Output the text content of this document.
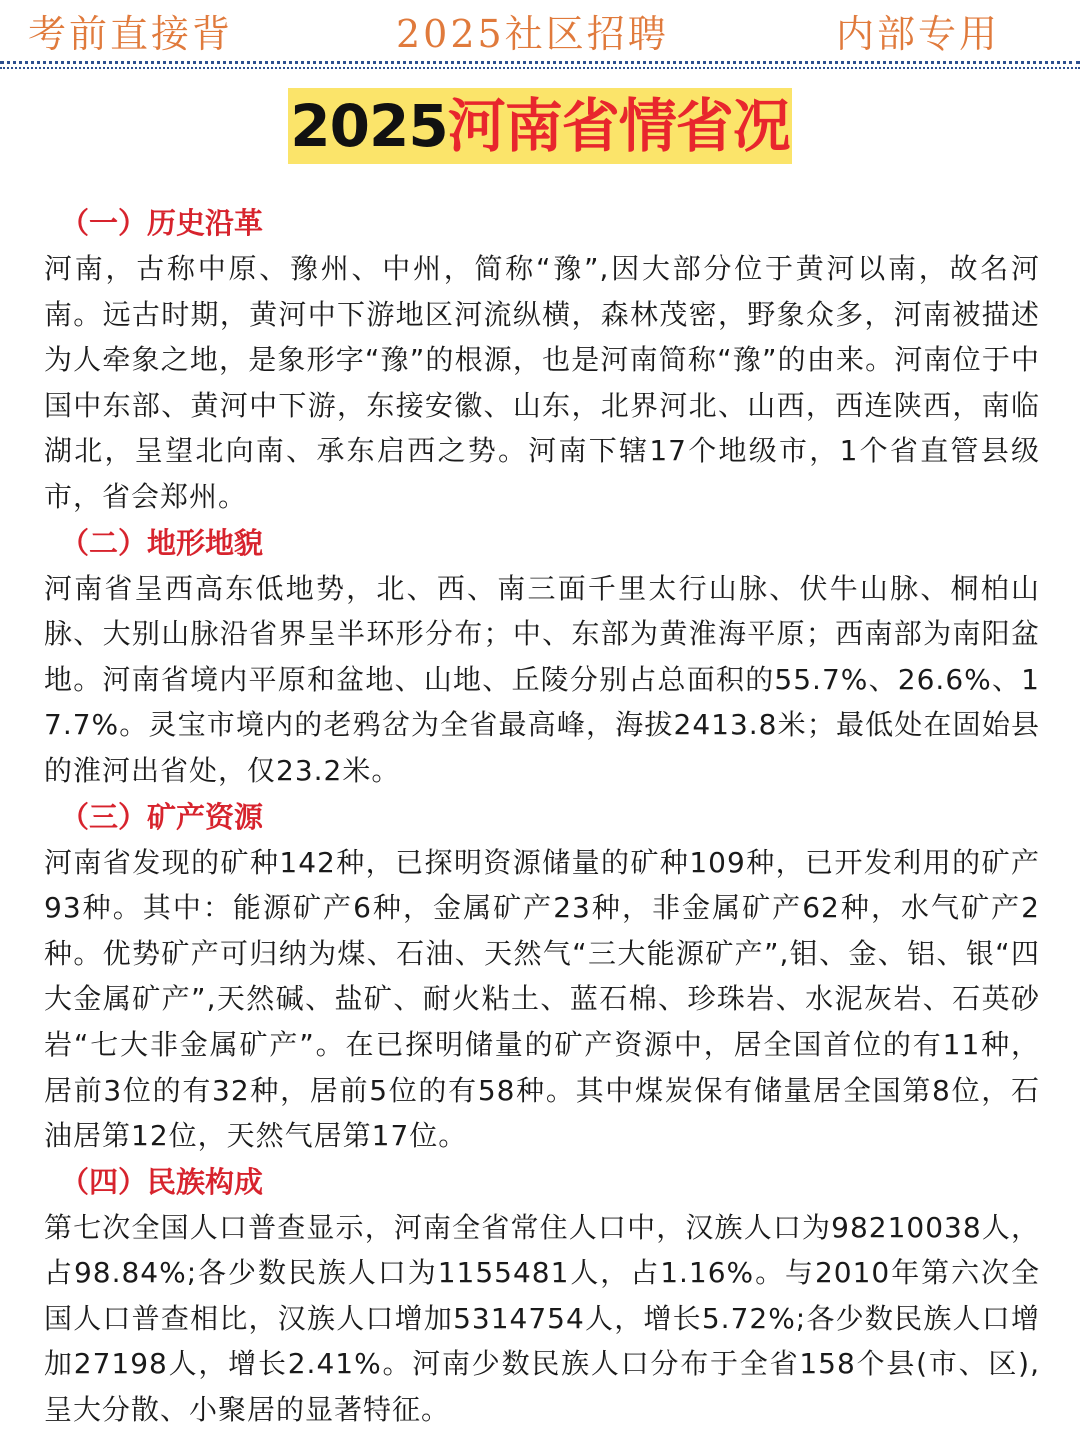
考前直接背	2025社区招聘	内部专用
2025河南省情省况
（一）历史沿革
河南，古称中原、豫州、中州，简称“豫”,因大部分位于黄河以南，故名河南。远古时期，黄河中下游地区河流纵横，森林茂密，野象众多，河南被描述为人牵象之地，是象形字“豫”的根源，也是河南简称“豫”的由来。河南位于中国中东部、黄河中下游，东接安徽、山东，北界河北、山西，西连陕西，南临湖北，呈望北向南、承东启西之势。河南下辖17个地级市，1个省直管县级市，省会郑州。
（二）地形地貌
河南省呈西高东低地势，北、西、南三面千里太行山脉、伏牛山脉、桐柏山脉、大别山脉沿省界呈半环形分布；中、东部为黄淮海平原；西南部为南阳盆地。河南省境内平原和盆地、山地、丘陵分别占总面积的55.7%、26.6%、17.7%。灵宝市境内的老鸦岔为全省最高峰，海拔2413.8米；最低处在固始县的淮河出省处，仅23.2米。
（三）矿产资源
河南省发现的矿种142种，已探明资源储量的矿种109种，已开发利用的矿产93种。其中：能源矿产6种，金属矿产23种，非金属矿产62种，水气矿产2种。优势矿产可归纳为煤、石油、天然气“三大能源矿产”,钼、金、铝、银“四大金属矿产”,天然碱、盐矿、耐火粘土、蓝石棉、珍珠岩、水泥灰岩、石英砂岩“七大非金属矿产”。在已探明储量的矿产资源中，居全国首位的有11种，居前3位的有32种，居前5位的有58种。其中煤炭保有储量居全国第8位，石油居第12位，天然气居第17位。
（四）民族构成
第七次全国人口普查显示，河南全省常住人口中，汉族人口为98210038人，占98.84%;各少数民族人口为1155481人，占1.16%。与2010年第六次全国人口普查相比，汉族人口增加5314754人，增长5.72%;各少数民族人口增加27198人，增长2.41%。河南少数民族人口分布于全省158个县(市、区),呈大分散、小聚居的显著特征。
